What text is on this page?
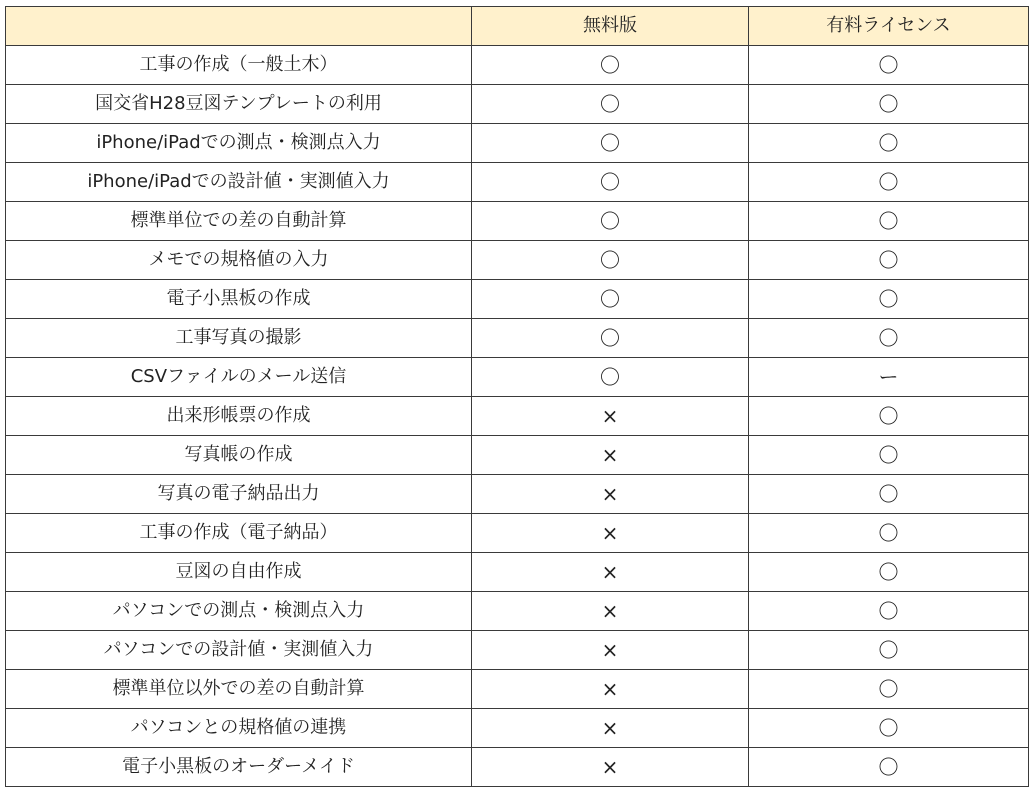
	無料版	有料ライセンス
工事の作成（一般土木）	〇	〇
国交省H28豆図テンプレートの利用	〇	〇
iPhone/iPadでの測点・検測点入力	〇	〇
iPhone/iPadでの設計値・実測値入力	〇	〇
標準単位での差の自動計算	〇	〇
メモでの規格値の入力	〇	〇
電子小黒板の作成	〇	〇
工事写真の撮影	〇	〇
CSVファイルのメール送信	〇	ー
出来形帳票の作成	×	〇
写真帳の作成	×	〇
写真の電子納品出力	×	〇
工事の作成（電子納品）	×	〇
豆図の自由作成	×	〇
パソコンでの測点・検測点入力	×	〇
パソコンでの設計値・実測値入力	×	〇
標準単位以外での差の自動計算	×	〇
パソコンとの規格値の連携	×	〇
電子小黒板のオーダーメイド	×	〇
